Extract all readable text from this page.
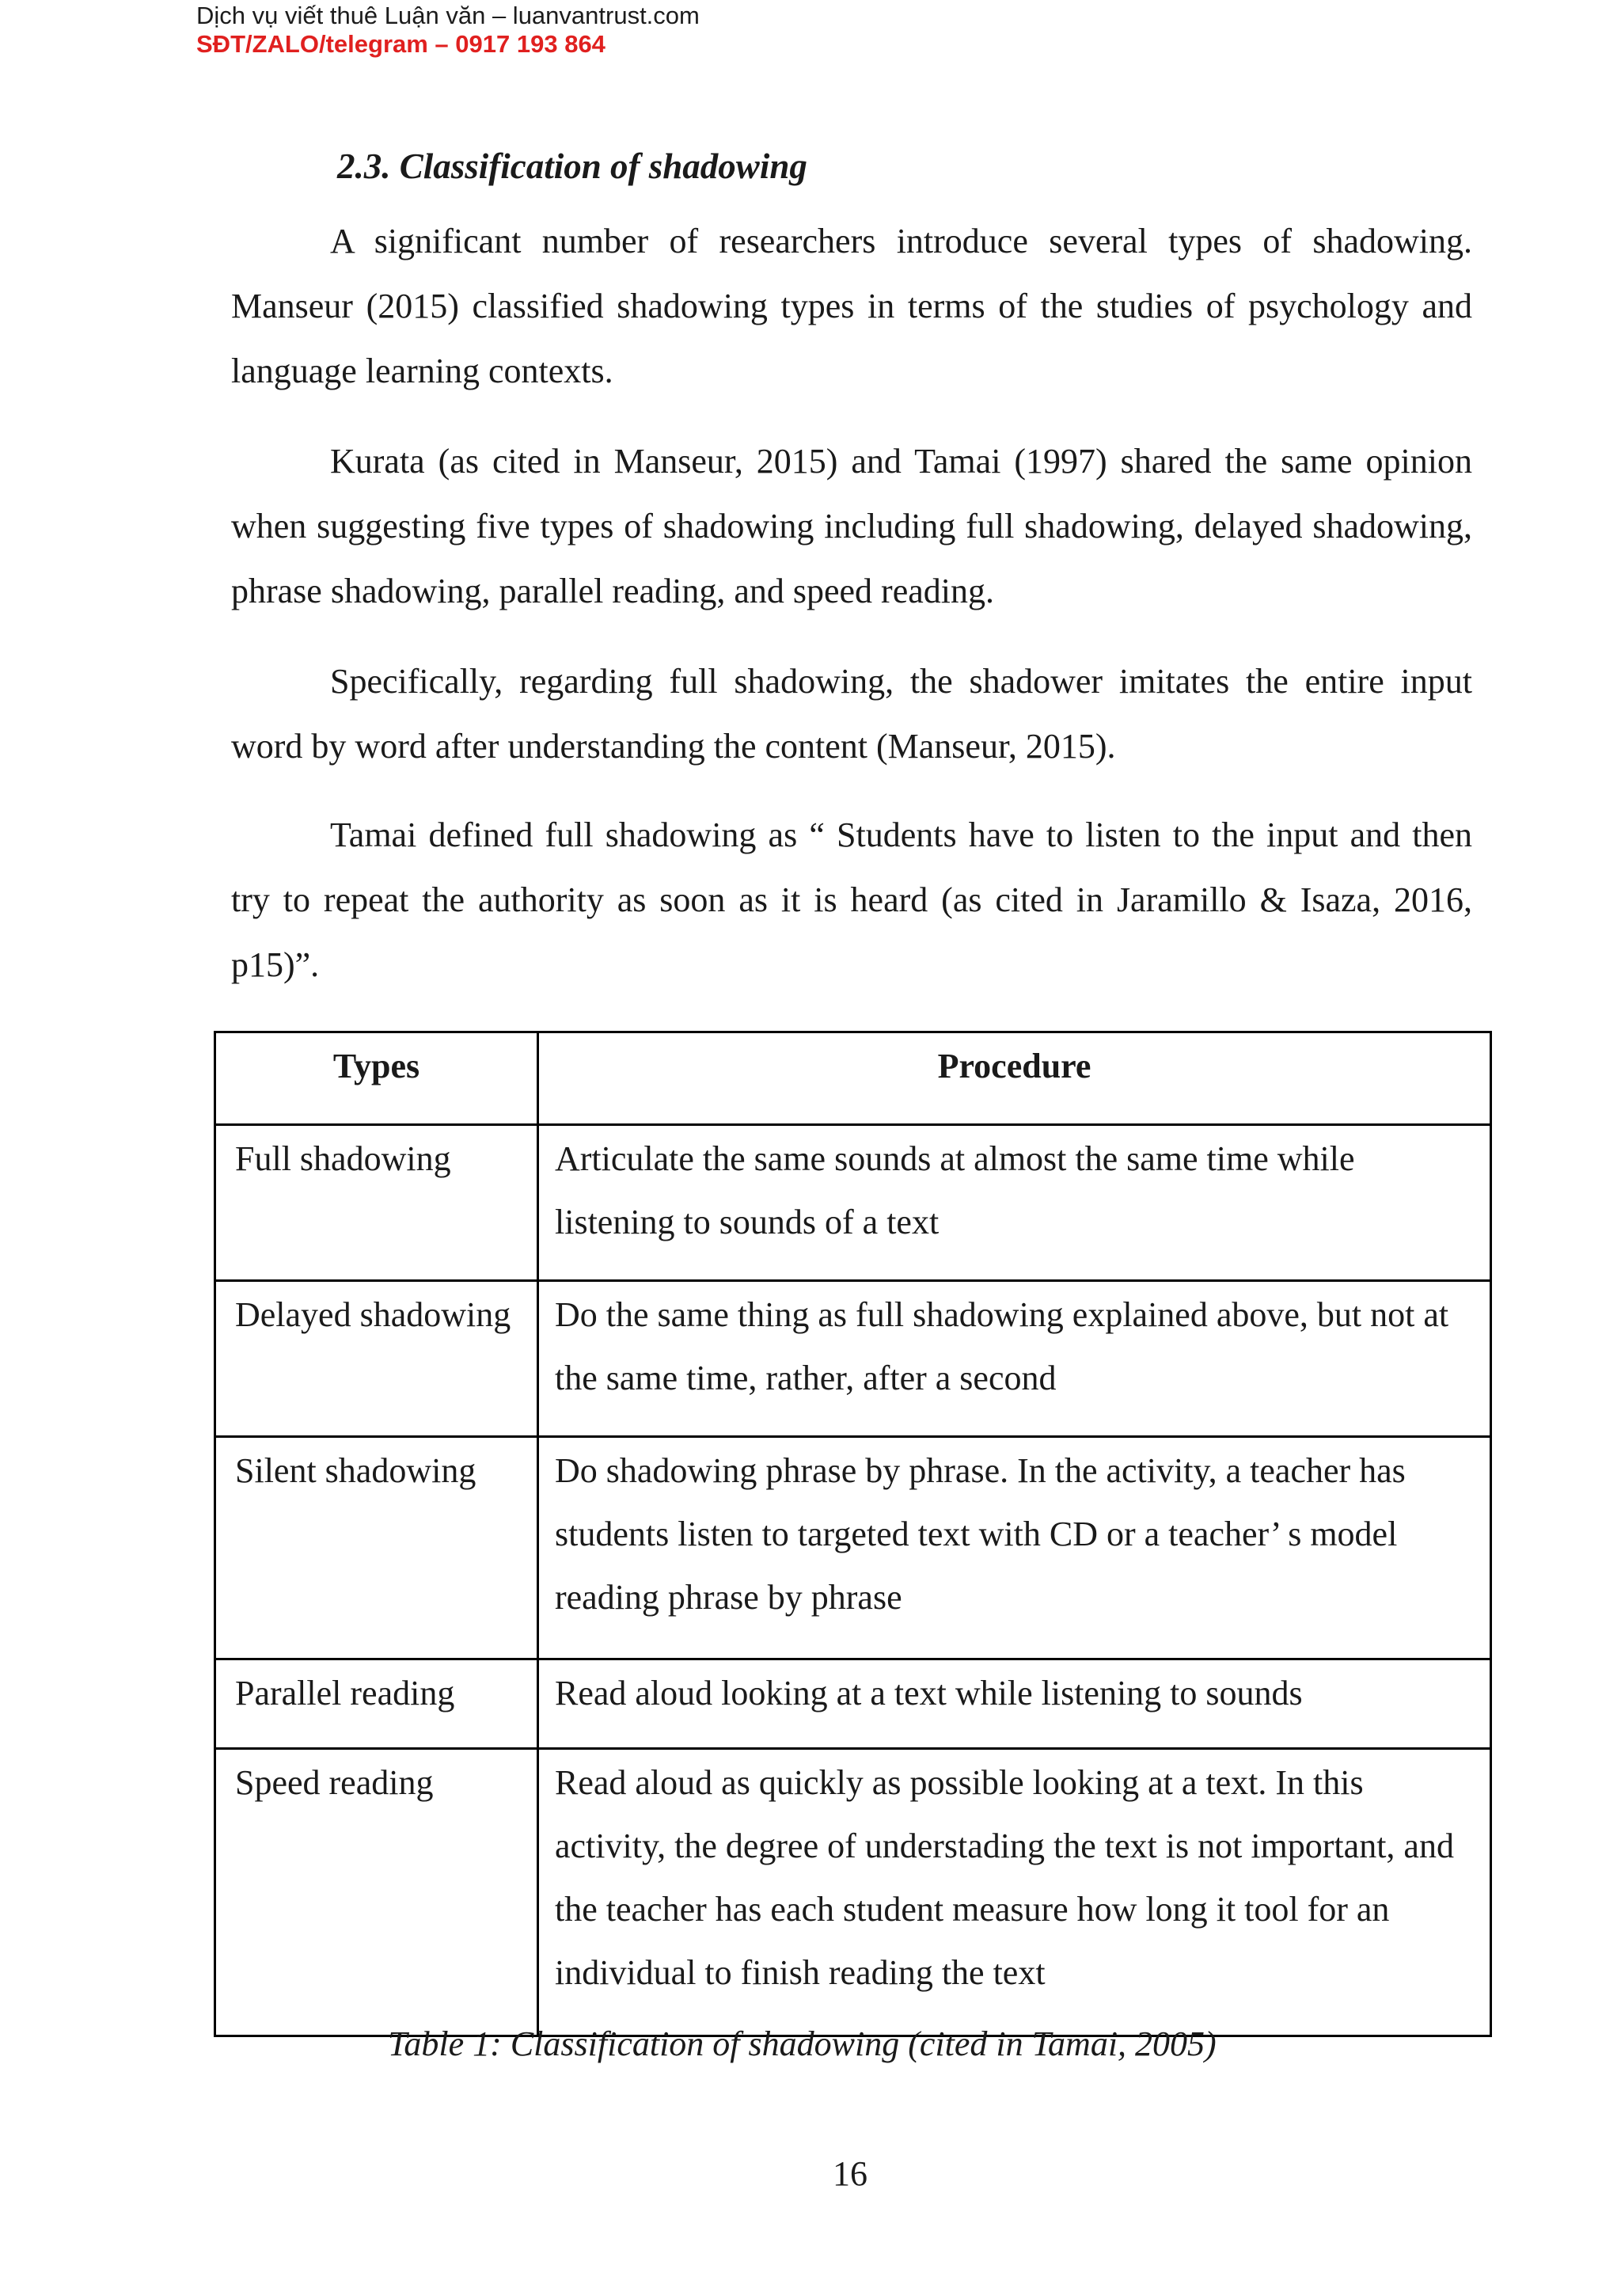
Dịch vụ viết thuê Luận văn – luanvantrust.com
SĐT/ZALO/telegram – 0917 193 864
2.3. Classification of shadowing

A significant number of researchers introduce several types of shadowing. Manseur (2015) classified shadowing types in terms of the studies of psychology and language learning contexts.

Kurata (as cited in Manseur, 2015) and Tamai (1997) shared the same opinion when suggesting five types of shadowing including full shadowing, delayed shadowing, phrase shadowing, parallel reading, and speed reading.

Specifically, regarding full shadowing, the shadower imitates the entire input word by word after understanding the content (Manseur, 2015).

Tamai defined full shadowing as “ Students have to listen to the input and then try to repeat the authority as soon as it is heard (as cited in Jaramillo & Isaza, 2016, p15)”.

Types	Procedure
Full shadowing	Articulate the same sounds at almost the same time while listening to sounds of a text
Delayed shadowing	Do the same thing as full shadowing explained above, but not at the same time, rather, after a second
Silent shadowing	Do shadowing phrase by phrase. In the activity, a teacher has students listen to targeted text with CD or a teacher’ s model reading phrase by phrase
Parallel reading	Read aloud looking at a text while listening to sounds
Speed reading	Read aloud as quickly as possible looking at a text. In this activity, the degree of understading the text is not important, and the teacher has each student measure how long it tool for an individual to finish reading the text
Table 1: Classification of shadowing (cited in Tamai, 2005)
16
